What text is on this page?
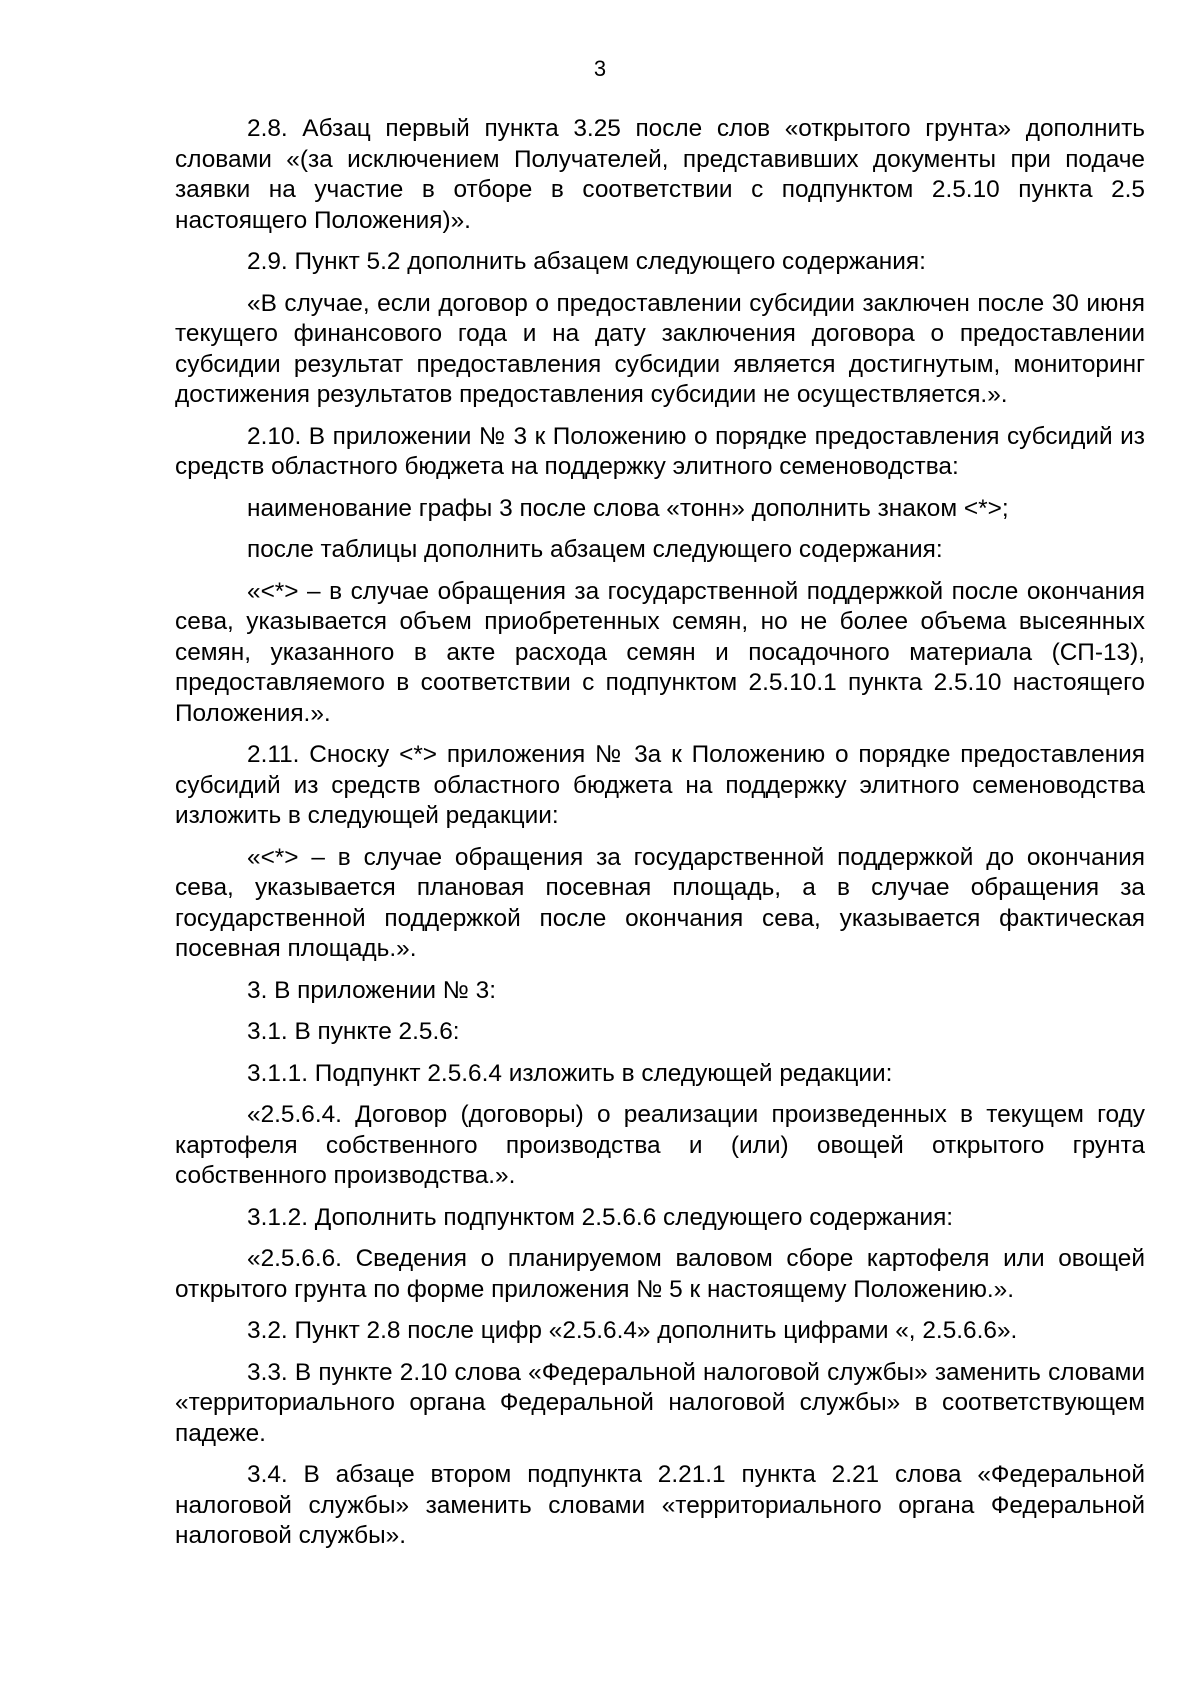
3

2.8. Абзац первый пункта 3.25 после слов «открытого грунта» дополнить словами «(за исключением Получателей, представивших документы при подаче заявки на участие в отборе в соответствии с подпунктом 2.5.10 пункта 2.5 настоящего Положения)».

2.9. Пункт 5.2 дополнить абзацем следующего содержания:

«В случае, если договор о предоставлении субсидии заключен после 30 июня текущего финансового года и на дату заключения договора о предоставлении субсидии результат предоставления субсидии является достигнутым, мониторинг достижения результатов предоставления субсидии не осуществляется.».

2.10. В приложении № 3 к Положению о порядке предоставления субсидий из средств областного бюджета на поддержку элитного семеноводства:

наименование графы 3 после слова «тонн» дополнить знаком <*>;

после таблицы дополнить абзацем следующего содержания:

«<*> – в случае обращения за государственной поддержкой после окончания сева, указывается объем приобретенных семян, но не более объема высеянных семян, указанного в акте расхода семян и посадочного материала (СП-13), предоставляемого в соответствии с подпунктом 2.5.10.1 пункта 2.5.10 настоящего Положения.».

2.11. Сноску <*> приложения № 3а к Положению о порядке предоставления субсидий из средств областного бюджета на поддержку элитного семеноводства изложить в следующей редакции:

«<*> – в случае обращения за государственной поддержкой до окончания сева, указывается плановая посевная площадь, а в случае обращения за государственной поддержкой после окончания сева, указывается фактическая посевная площадь.».

3. В приложении № 3:

3.1. В пункте 2.5.6:

3.1.1. Подпункт 2.5.6.4 изложить в следующей редакции:

«2.5.6.4. Договор (договоры) о реализации произведенных в текущем году картофеля собственного производства и (или) овощей открытого грунта собственного производства.».

3.1.2. Дополнить подпунктом 2.5.6.6 следующего содержания:

«2.5.6.6. Сведения о планируемом валовом сборе картофеля или овощей открытого грунта по форме приложения № 5 к настоящему Положению.».

3.2. Пункт 2.8 после цифр «2.5.6.4» дополнить цифрами «, 2.5.6.6».

3.3. В пункте 2.10 слова «Федеральной налоговой службы» заменить словами «территориального органа Федеральной налоговой службы» в соответствующем падеже.

3.4. В абзаце втором подпункта 2.21.1 пункта 2.21 слова «Федеральной налоговой службы» заменить словами «территориального органа Федеральной налоговой службы».
